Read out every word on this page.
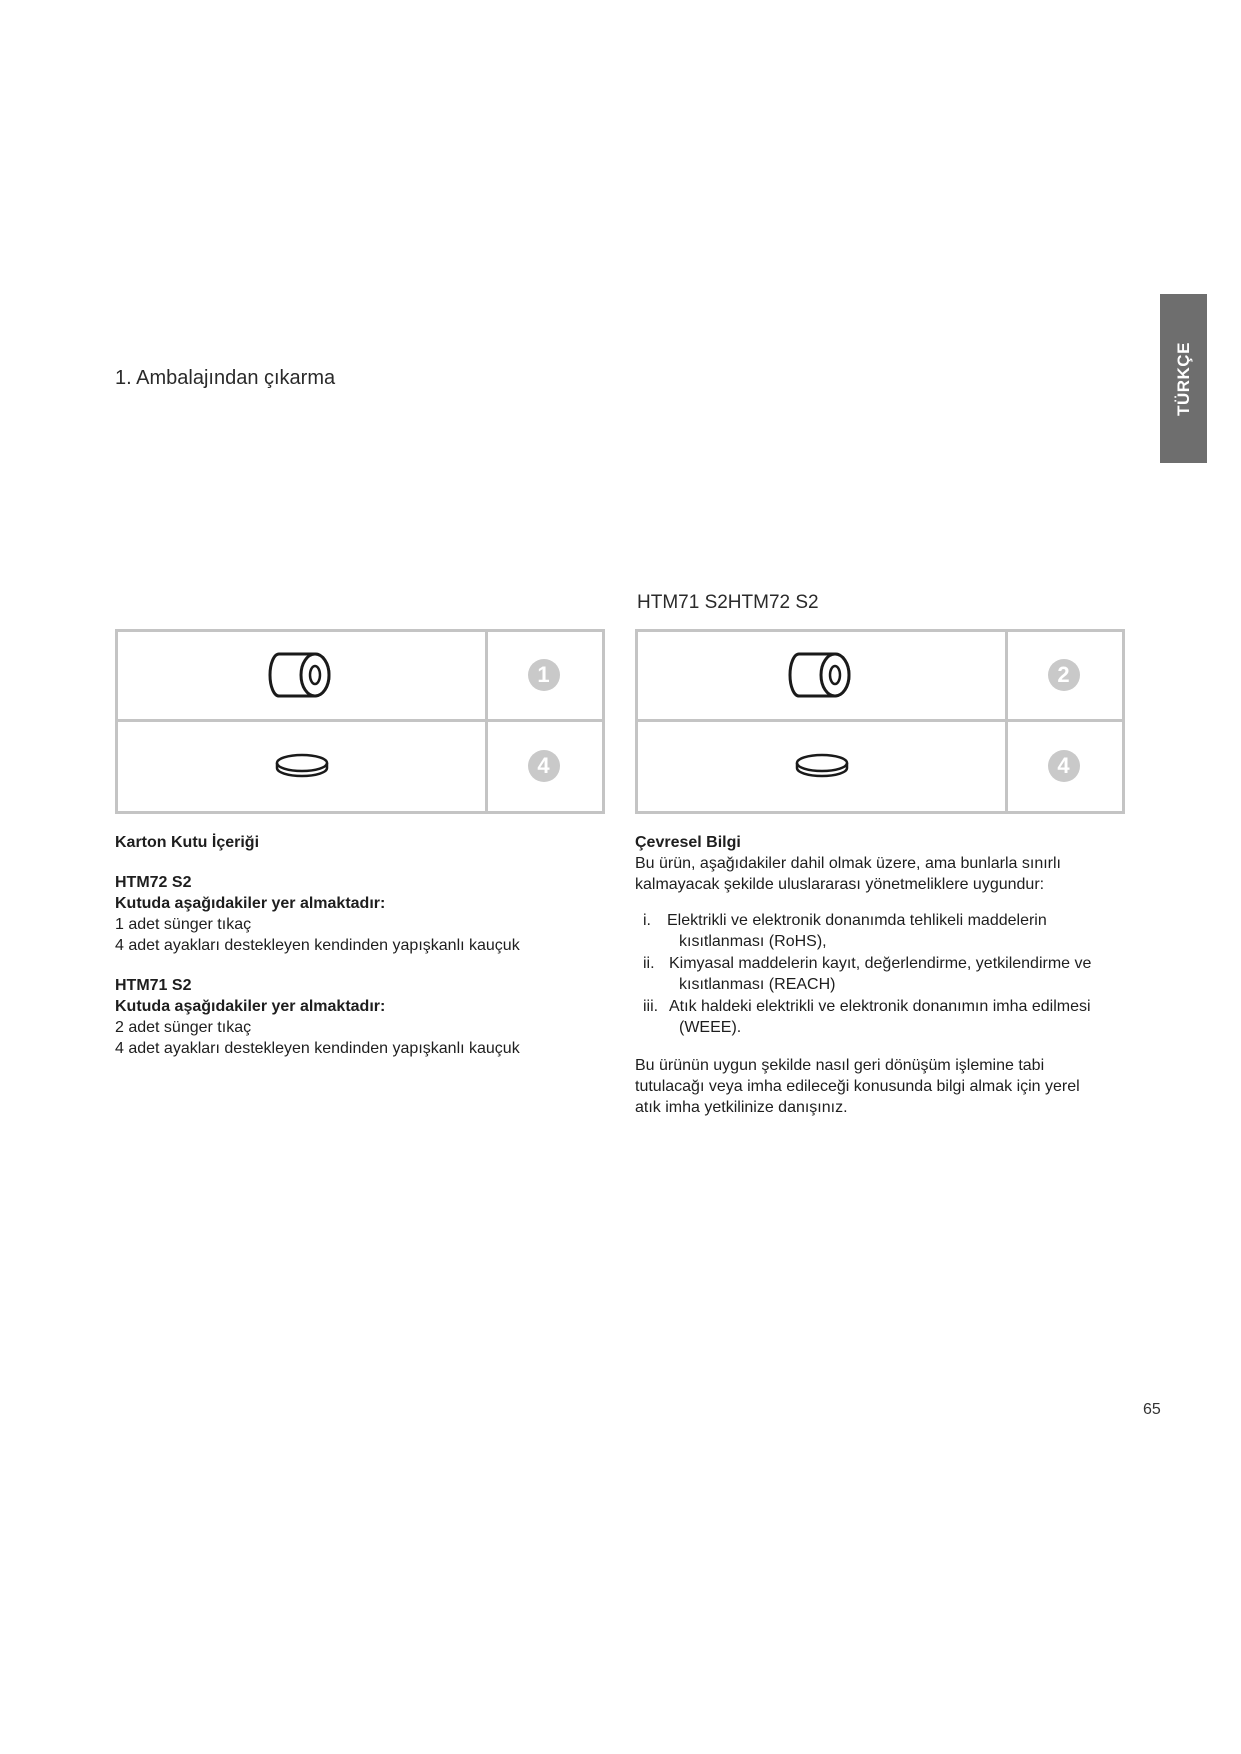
TÜRKÇE
1. Ambalajından çıkarma
HTM71 S2HTM72 S2
1
4
2
4

Karton Kutu İçeriği

HTM72 S2

Kutuda aşağıdakiler yer almaktadır:

1 adet sünger tıkaç

4 adet ayakları destekleyen kendinden yapışkanlı kauçuk

HTM71 S2

Kutuda aşağıdakiler yer almaktadır:

2 adet sünger tıkaç

4 adet ayakları destekleyen kendinden yapışkanlı kauçuk

Çevresel Bilgi

Bu ürün, aşağıdakiler dahil olmak üzere, ama bunlarla sınırlı

kalmayacak şekilde uluslararası yönetmeliklere uygundur:

i. Elektrikli ve elektronik donanımda tehlikeli maddelerin

kısıtlanması (RoHS),

ii. Kimyasal maddelerin kayıt, değerlendirme, yetkilendirme ve

kısıtlanması (REACH)

iii. Atık haldeki elektrikli ve elektronik donanımın imha edilmesi

(WEEE).

Bu ürünün uygun şekilde nasıl geri dönüşüm işlemine tabi

tutulacağı veya imha edileceği konusunda bilgi almak için yerel

atık imha yetkilinize danışınız.

65
